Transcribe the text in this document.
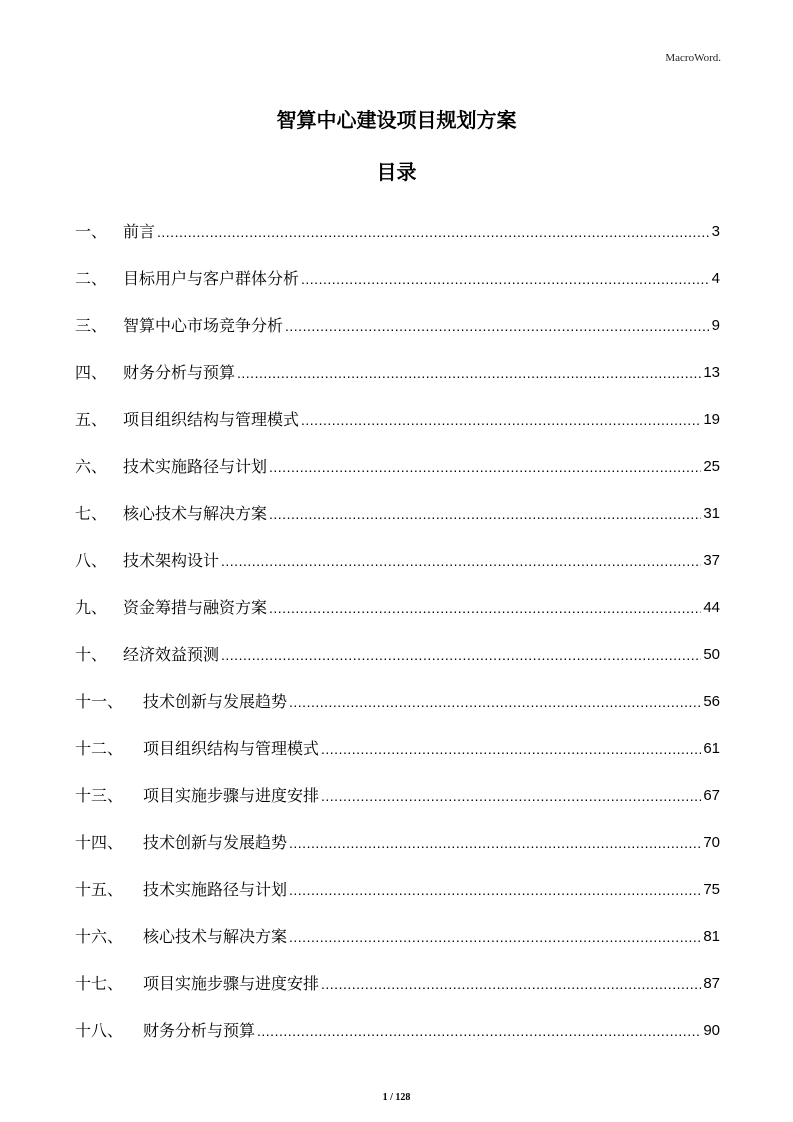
MacroWord.
智算中心建设项目规划方案
目录
一、 前言 .....	3
二、 目标用户与客户群体分析 .....	4
三、 智算中心市场竞争分析 .....	9
四、 财务分析与预算 .....	13
五、 项目组织结构与管理模式 .....	19
六、 技术实施路径与计划 .....	25
七、 核心技术与解决方案 .....	31
八、 技术架构设计 .....	37
九、 资金筹措与融资方案 .....	44
十、 经济效益预测 .....	50
十一、	技术创新与发展趋势 .....	56
十二、	项目组织结构与管理模式 .....	61
十三、	项目实施步骤与进度安排 .....	67
十四、	技术创新与发展趋势 .....	70
十五、	技术实施路径与计划 .....	75
十六、	核心技术与解决方案 .....	81
十七、	项目实施步骤与进度安排 .....	87
十八、	财务分析与预算 .....	90
1 / 128
